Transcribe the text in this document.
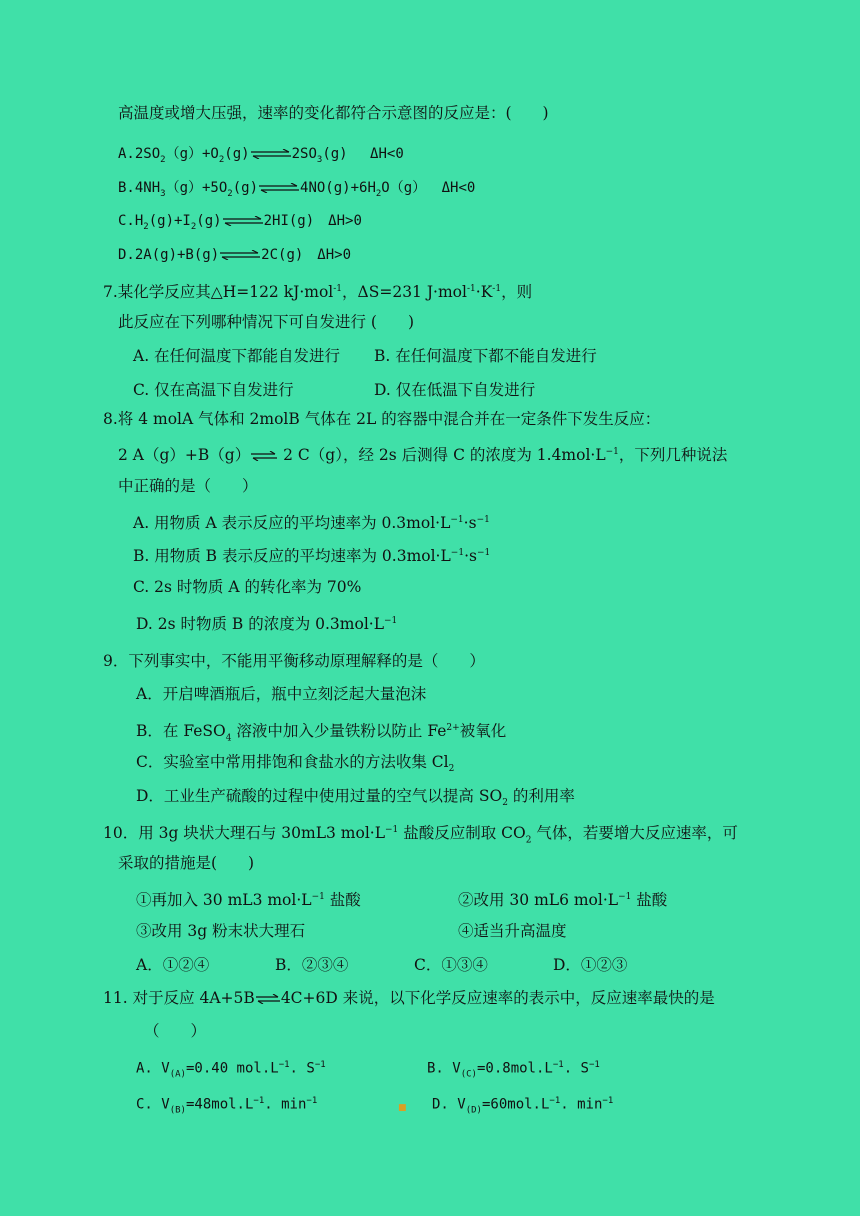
高温度或增大压强，速率的变化都符合示意图的反应是：(　　)
$A.2SO_2(g)+O_2(g)\rightleftharpoons 2SO_3(g)$　 ΔH<0
$B.4NH_3(g)+5O_2(g)\rightleftharpoons 4NO(g)+6H_2O(g)$　 ΔH<0
$C.H_2(g)+I_2(g)\rightleftharpoons 2HI(g)$　ΔH>0
D.2A(g)+B(g)⇌2C(g)　ΔH>0
7.某化学反应其△H=122 kJ·mol$^{-1}$，ΔS=231 $J\cdot mol^{-1}\cdot K^{-1}$，则
此反应在下列哪种情况下可自发进行 (　　)
A. 在任何温度下都能自发进行 B. 在任何温度下都不能自发进行
C. 仅在高温下自发进行	D. 仅在低温下自发进行
8.将 4 molA 气体和 2molB 气体在 2L 的容器中混合并在一定条件下发生反应：
2 A（g）+B（g）⇌ 2 C（g），经 2s 后测得 C 的浓度为 $1.4mol\cdot L^{-1}$，下列几种说法
中正确的是（　　）
A. 用物质 A 表示反应的平均速率为 $0.3mol\cdot L^{-1}\cdot s^{-1}$
B. 用物质 B 表示反应的平均速率为 $0.3mol\cdot L^{-1}\cdot s^{-1}$
C. 2s 时物质 A 的转化率为 70%
D. 2s 时物质 B 的浓度为 $0.3mol\cdot L^{-1}$
9．下列事实中，不能用平衡移动原理解释的是（　　）
A．开启啤酒瓶后，瓶中立刻泛起大量泡沫
B．在 FeSO$_4$ 溶液中加入少量铁粉以防止 $Fe^{2+}$被氧化
C．实验室中常用排饱和食盐水的方法收集 $Cl_2$
D．工业生产硫酸的过程中使用过量的空气以提高 $SO_2$ 的利用率
10．用 3g 块状大理石与 30mL3 $mol\cdot L^{-1}$ 盐酸反应制取 $CO_2$ 气体，若要增大反应速率，可
采取的措施是(　　)
①再加入 30 mL3 $mol\cdot L^{-1}$ 盐酸	②改用 30 mL6 $mol\cdot L^{-1}$ 盐酸
③改用 3g 粉末状大理石	④适当升高温度
A．①②④	B．②③④	C．①③④	D．①②③
11. 对于反应 4A+5B⇌4C+6D 来说，以下化学反应速率的表示中，反应速率最快的是
（　　）
A. $V_{(A)}=0.40$ $mol.L^{-1}$. $S^{-1}$	B. $V_{(C)}=0.8mol.L^{-1}$. $S^{-1}$
C. $V_{(B)}=48mol.L^{-1}$. $\min^{-1}$	D. $V_{(D)}=60mol.L^{-1}$. $\min^{-1}$
■
